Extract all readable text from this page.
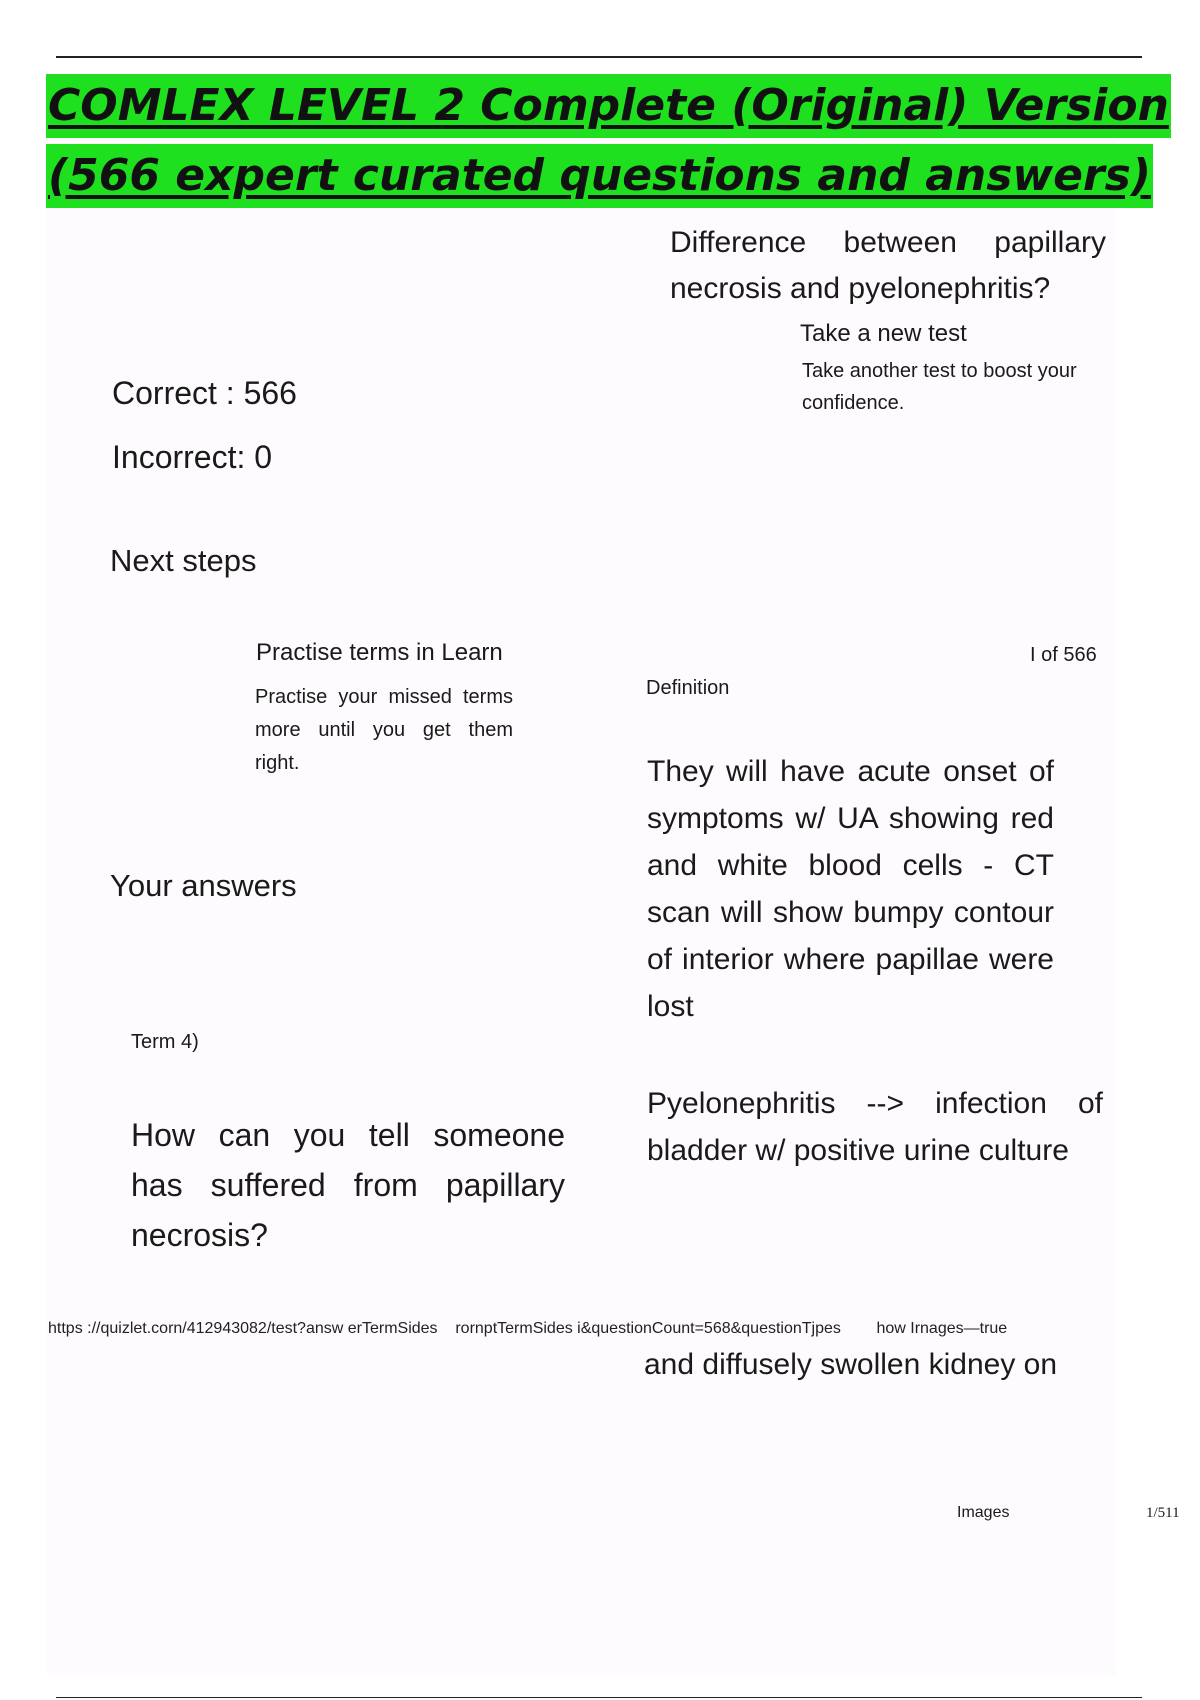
COMLEX LEVEL 2 Complete (Original) Version
(566 expert curated questions and answers)
Difference between papillary necrosis and pyelonephritis?
Take a new test
Take another test to boost your confidence.
Correct : 566
Incorrect: 0
Next steps
Practise terms in Learn
Practise your missed terms more until you get them right.
I of 566
Definition
They will have acute onset of symptoms w/ UA showing red and white blood cells - CT scan will show bumpy contour of interior where papillae were lost
Pyelonephritis --> infection of bladder w/ positive urine culture
Your answers
Term 4)
How can you tell someone has suffered from papillary necrosis?
https ://quizlet.corn/412943082/test?answ erTermSides    rornptTermSides i&questionCount=568&questionTjpes        how Irnages—true
and diffusely swollen kidney on
Images	1/511
